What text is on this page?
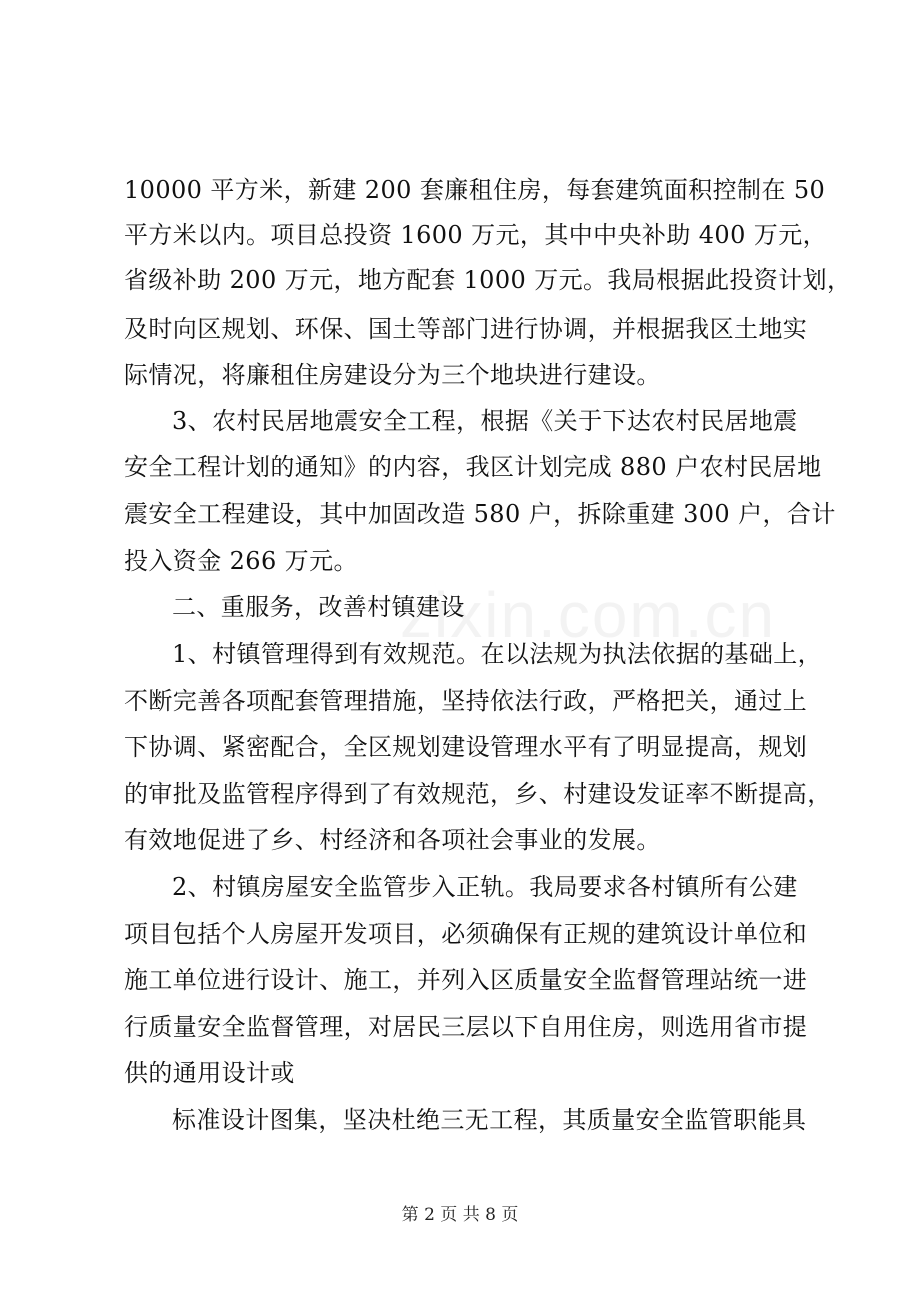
zixin.com.cn
10000 平方米，新建 200 套廉租住房，每套建筑面积控制在 50
平方米以内。项目总投资 1600 万元，其中中央补助 400 万元，
省级补助 200 万元，地方配套 1000 万元。我局根据此投资计划，
及时向区规划、环保、国土等部门进行协调，并根据我区土地实
际情况，将廉租住房建设分为三个地块进行建设。
3、农村民居地震安全工程，根据《关于下达农村民居地震
安全工程计划的通知》的内容，我区计划完成 880 户农村民居地
震安全工程建设，其中加固改造 580 户，拆除重建 300 户，合计
投入资金 266 万元。
二、重服务，改善村镇建设
1、村镇管理得到有效规范。在以法规为执法依据的基础上，
不断完善各项配套管理措施，坚持依法行政，严格把关，通过上
下协调、紧密配合，全区规划建设管理水平有了明显提高，规划
的审批及监管程序得到了有效规范，乡、村建设发证率不断提高，
有效地促进了乡、村经济和各项社会事业的发展。
2、村镇房屋安全监管步入正轨。我局要求各村镇所有公建
项目包括个人房屋开发项目，必须确保有正规的建筑设计单位和
施工单位进行设计、施工，并列入区质量安全监督管理站统一进
行质量安全监督管理，对居民三层以下自用住房，则选用省市提
供的通用设计或
标准设计图集，坚决杜绝三无工程，其质量安全监管职能具
第 2 页 共 8 页
